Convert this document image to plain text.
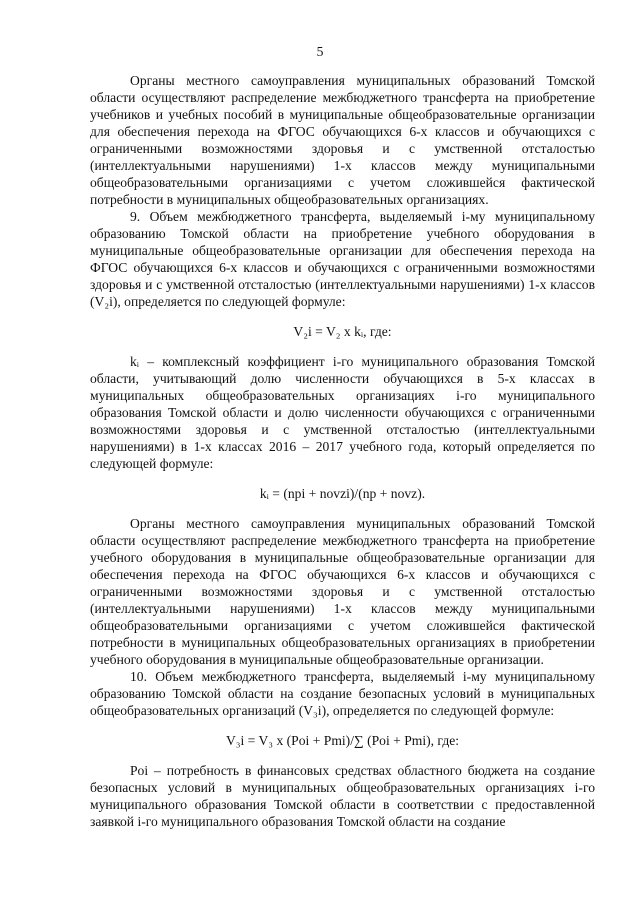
5

Органы местного самоуправления муниципальных образований Томской области осуществляют распределение межбюджетного трансферта на приобретение учебников и учебных пособий в муниципальные общеобразовательные организации для обеспечения перехода на ФГОС обучающихся 6-х классов и обучающихся с ограниченными возможностями здоровья и с умственной отсталостью (интеллектуальными нарушениями) 1-х классов между муниципальными общеобразовательными организациями с учетом сложившейся фактической потребности в муниципальных общеобразовательных организациях.

9. Объем межбюджетного трансферта, выделяемый i-му муниципальному образованию Томской области на приобретение учебного оборудования в муниципальные общеобразовательные организации для обеспечения перехода на ФГОС обучающихся 6-х классов и обучающихся с ограниченными возможностями здоровья и с умственной отсталостью (интеллектуальными нарушениями) 1-х классов (V₂i), определяется по следующей формуле:

V₂i = V₂ x kᵢ, где:

kᵢ – комплексный коэффициент i-го муниципального образования Томской области, учитывающий долю численности обучающихся в 5-х классах в муниципальных общеобразовательных организациях i-го муниципального образования Томской области и долю численности обучающихся с ограниченными возможностями здоровья и с умственной отсталостью (интеллектуальными нарушениями) в 1-х классах 2016 – 2017 учебного года, который определяется по следующей формуле:

kᵢ = (npi + novzi)/(np + novz).

Органы местного самоуправления муниципальных образований Томской области осуществляют распределение межбюджетного трансферта на приобретение учебного оборудования в муниципальные общеобразовательные организации для обеспечения перехода на ФГОС обучающихся 6-х классов и обучающихся с ограниченными возможностями здоровья и с умственной отсталостью (интеллектуальными нарушениями) 1-х классов между муниципальными общеобразовательными организациями с учетом сложившейся фактической потребности в муниципальных общеобразовательных организациях в приобретении учебного оборудования в муниципальные общеобразовательные организации.

10. Объем межбюджетного трансферта, выделяемый i-му муниципальному образованию Томской области на создание безопасных условий в муниципальных общеобразовательных организаций (V₃i), определяется по следующей формуле:

V₃i = V₃ x (Poi + Pmi)/∑ (Poi + Pmi), где:

Poi – потребность в финансовых средствах областного бюджета на создание безопасных условий в муниципальных общеобразовательных организациях i-го муниципального образования Томской области в соответствии с предоставленной заявкой i-го муниципального образования Томской области на создание
